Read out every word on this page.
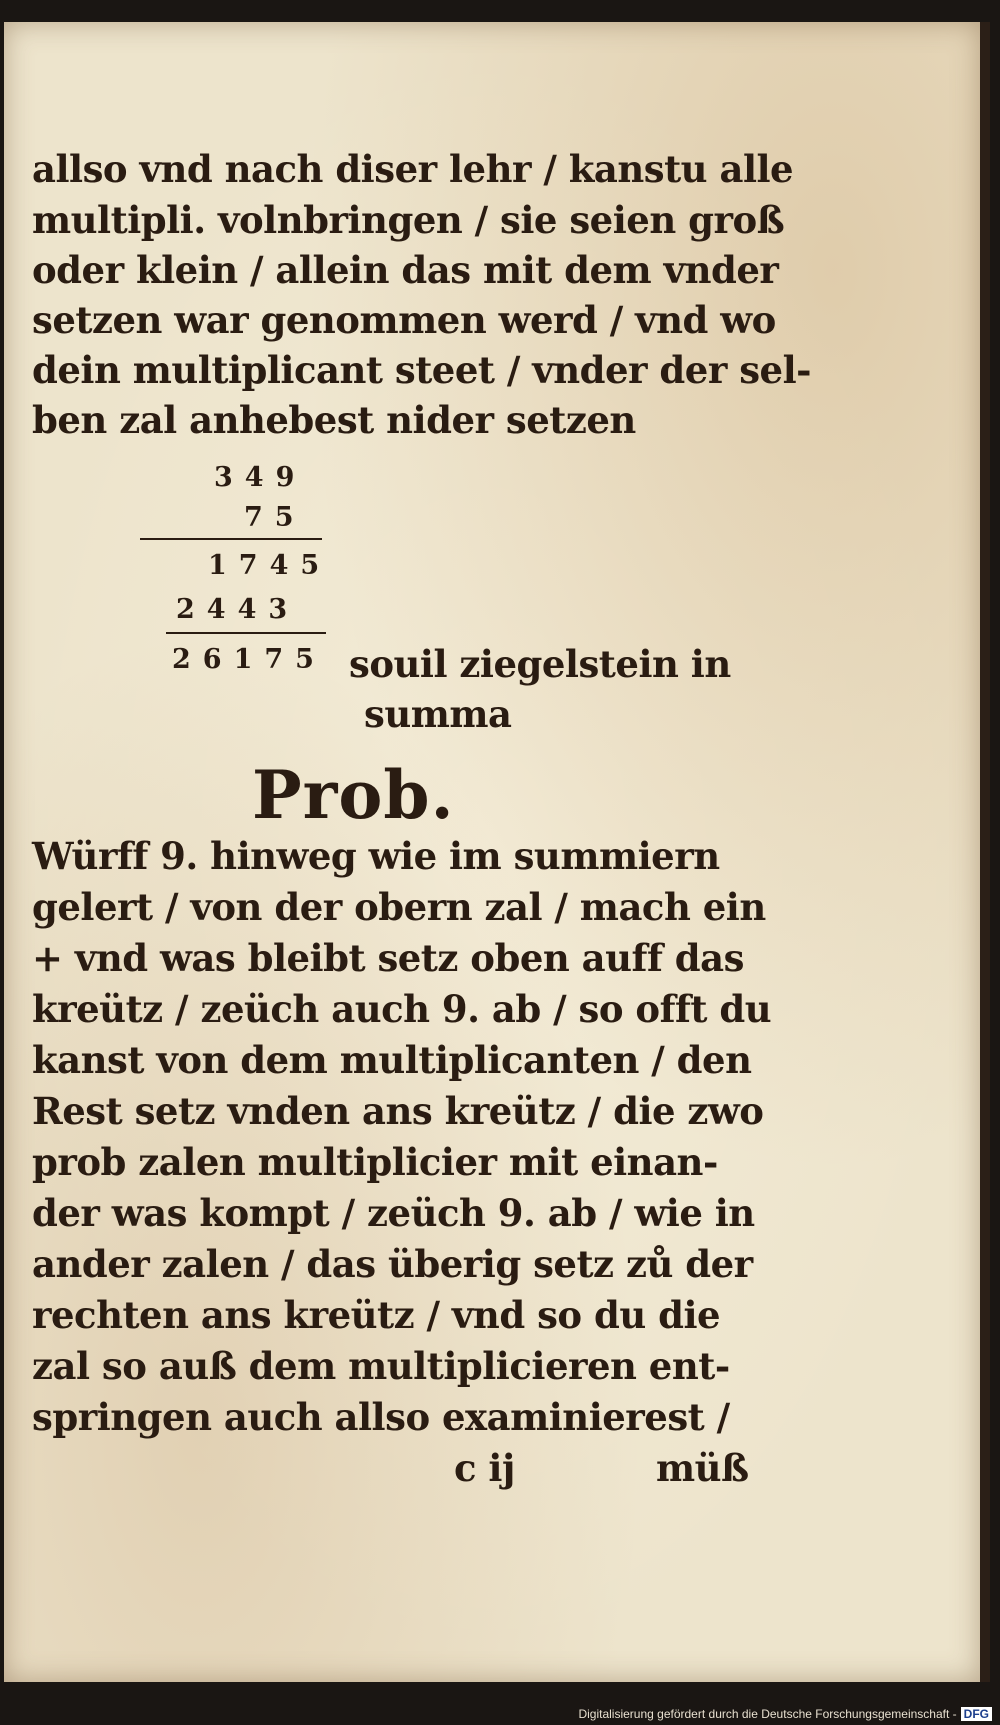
allso vnd nach diser lehr / kanstu alle
multipli. volnbringen / sie seien groß
oder klein / allein das mit dem vnder
setzen war genommen werd / vnd wo
dein multiplicant steet / vnder der sel-
ben zal anhebest nider setzen
349
75
1745
2443
26175 souil ziegelstein in
summa
Prob.
Würff 9. hinweg wie im summiern
gelert / von der obern zal / mach ein
+ vnd was bleibt setz oben auff das
kreütz / zeüch auch 9. ab / so offt du
kanst von dem multiplicanten / den
Rest setz vnden ans kreütz / die zwo
prob zalen multiplicier mit einan-
der was kompt / zeüch 9. ab / wie in
ander zalen / das überig setz zů der
rechten ans kreütz / vnd so du die
zal so auß dem multiplicieren ent-
springen auch allso examinierest /
c ij	müß
Digitalisierung gefördert durch die Deutsche Forschungsgemeinschaft - DFG
